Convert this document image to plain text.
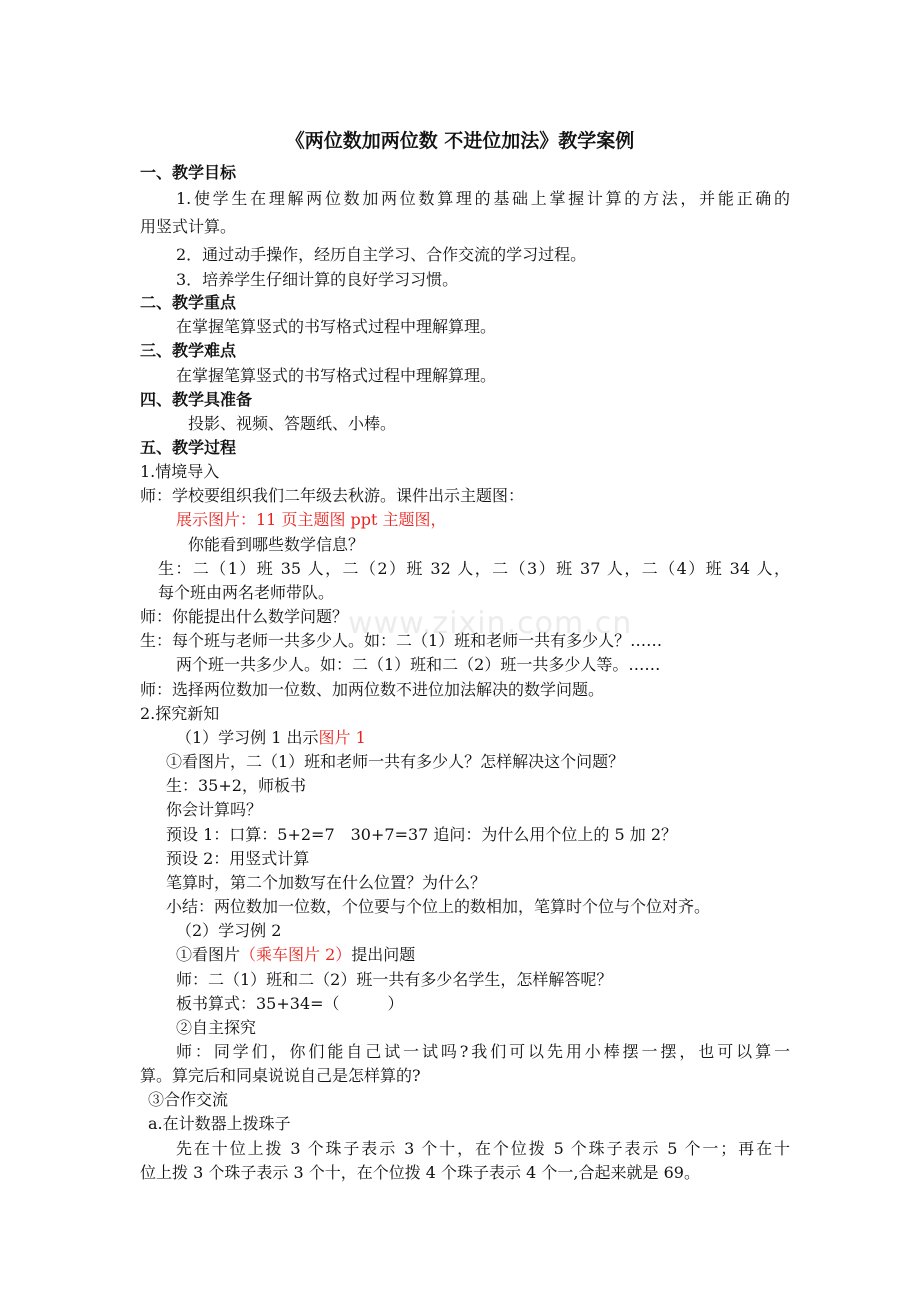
www.zixin.com.cn
《两位数加两位数 不进位加法》教学案例
一、教学目标
1.使学生在理解两位数加两位数算理的基础上掌握计算的方法，并能正确的
用竖式计算。
2．通过动手操作，经历自主学习、合作交流的学习过程。
3．培养学生仔细计算的良好学习习惯。
二、教学重点
在掌握笔算竖式的书写格式过程中理解算理。
三、教学难点
在掌握笔算竖式的书写格式过程中理解算理。
四、教学具准备
投影、视频、答题纸、小棒。
五、教学过程
1.情境导入
师：学校要组织我们二年级去秋游。课件出示主题图：
展示图片：11 页主题图 ppt 主题图，
你能看到哪些数学信息？
生：二（1）班 35 人，二（2）班 32 人，二（3）班 37 人，二（4）班 34 人，
每个班由两名老师带队。
师：你能提出什么数学问题？
生：每个班与老师一共多少人。如：二（1）班和老师一共有多少人？……
两个班一共多少人。如：二（1）班和二（2）班一共多少人等。……
师：选择两位数加一位数、加两位数不进位加法解决的数学问题。
2.探究新知
（1）学习例 1 出示图片 1
①看图片，二（1）班和老师一共有多少人？怎样解决这个问题？
生：35+2，师板书
你会计算吗？
预设 1：口算：5+2=7　30+7=37 追问：为什么用个位上的 5 加 2？
预设 2：用竖式计算
笔算时，第二个加数写在什么位置？为什么？
小结：两位数加一位数，个位要与个位上的数相加，笔算时个位与个位对齐。
（2）学习例 2
①看图片（乘车图片 2）提出问题
师：二（1）班和二（2）班一共有多少名学生，怎样解答呢？
板书算式：35+34=（　　　）
②自主探究
师：同学们，你们能自己试一试吗?我们可以先用小棒摆一摆，也可以算一
算。算完后和同桌说说自己是怎样算的?
③合作交流
a.在计数器上拨珠子
先在十位上拨 3 个珠子表示 3 个十，在个位拨 5 个珠子表示 5 个一；再在十
位上拨 3 个珠子表示 3 个十，在个位拨 4 个珠子表示 4 个一,合起来就是 69。
